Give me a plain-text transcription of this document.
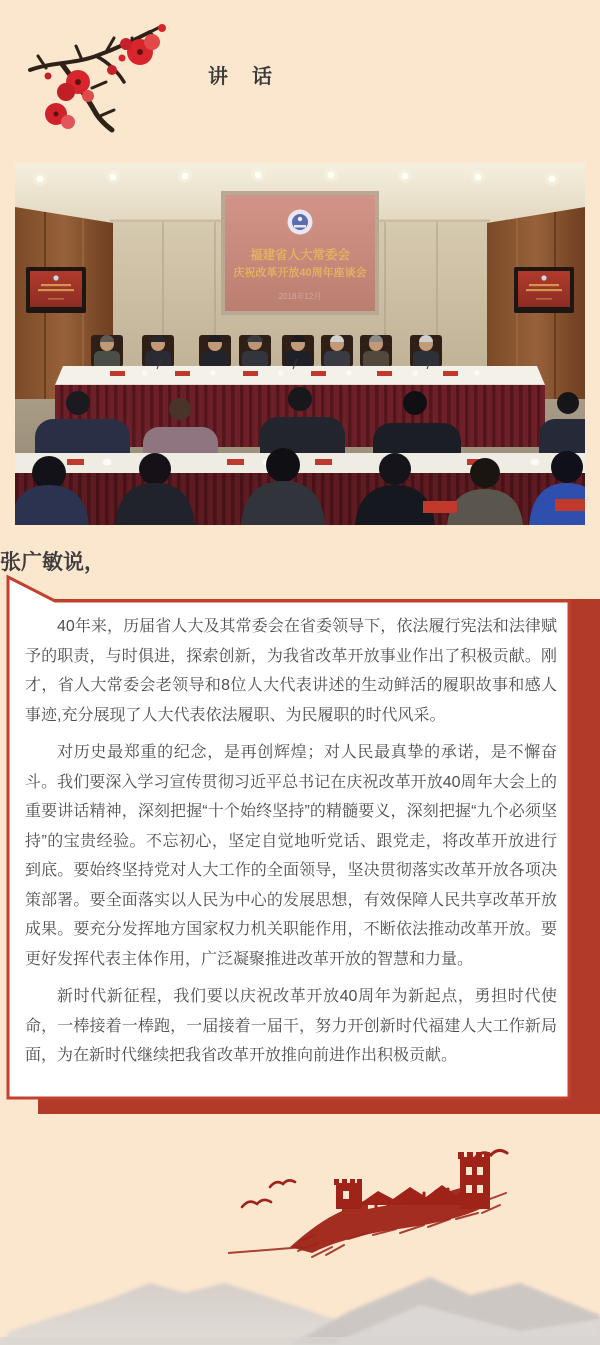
讲　话
福建省人大常委会
庆祝改革开放40周年座谈会
2018年12月
张广敏说，

40年来，历届省人大及其常委会在省委领导下，依法履行宪法和法律赋予的职责，与时俱进，探索创新，为我省改革开放事业作出了积极贡献。刚才，省人大常委会老领导和8位人大代表讲述的生动鲜活的履职故事和感人事迹,充分展现了人大代表依法履职、为民履职的时代风采。

对历史最郑重的纪念，是再创辉煌；对人民最真挚的承诺，是不懈奋斗。我们要深入学习宣传贯彻习近平总书记在庆祝改革开放40周年大会上的重要讲话精神，深刻把握“十个始终坚持”的精髓要义，深刻把握“九个必须坚持”的宝贵经验。不忘初心，坚定自觉地听党话、跟党走，将改革开放进行到底。要始终坚持党对人大工作的全面领导，坚决贯彻落实改革开放各项决策部署。要全面落实以人民为中心的发展思想，有效保障人民共享改革开放成果。要充分发挥地方国家权力机关职能作用，不断依法推动改革开放。要更好发挥代表主体作用，广泛凝聚推进改革开放的智慧和力量。

新时代新征程，我们要以庆祝改革开放40周年为新起点，勇担时代使命，一棒接着一棒跑，一届接着一届干，努力开创新时代福建人大工作新局面，为在新时代继续把我省改革开放推向前进作出积极贡献。
